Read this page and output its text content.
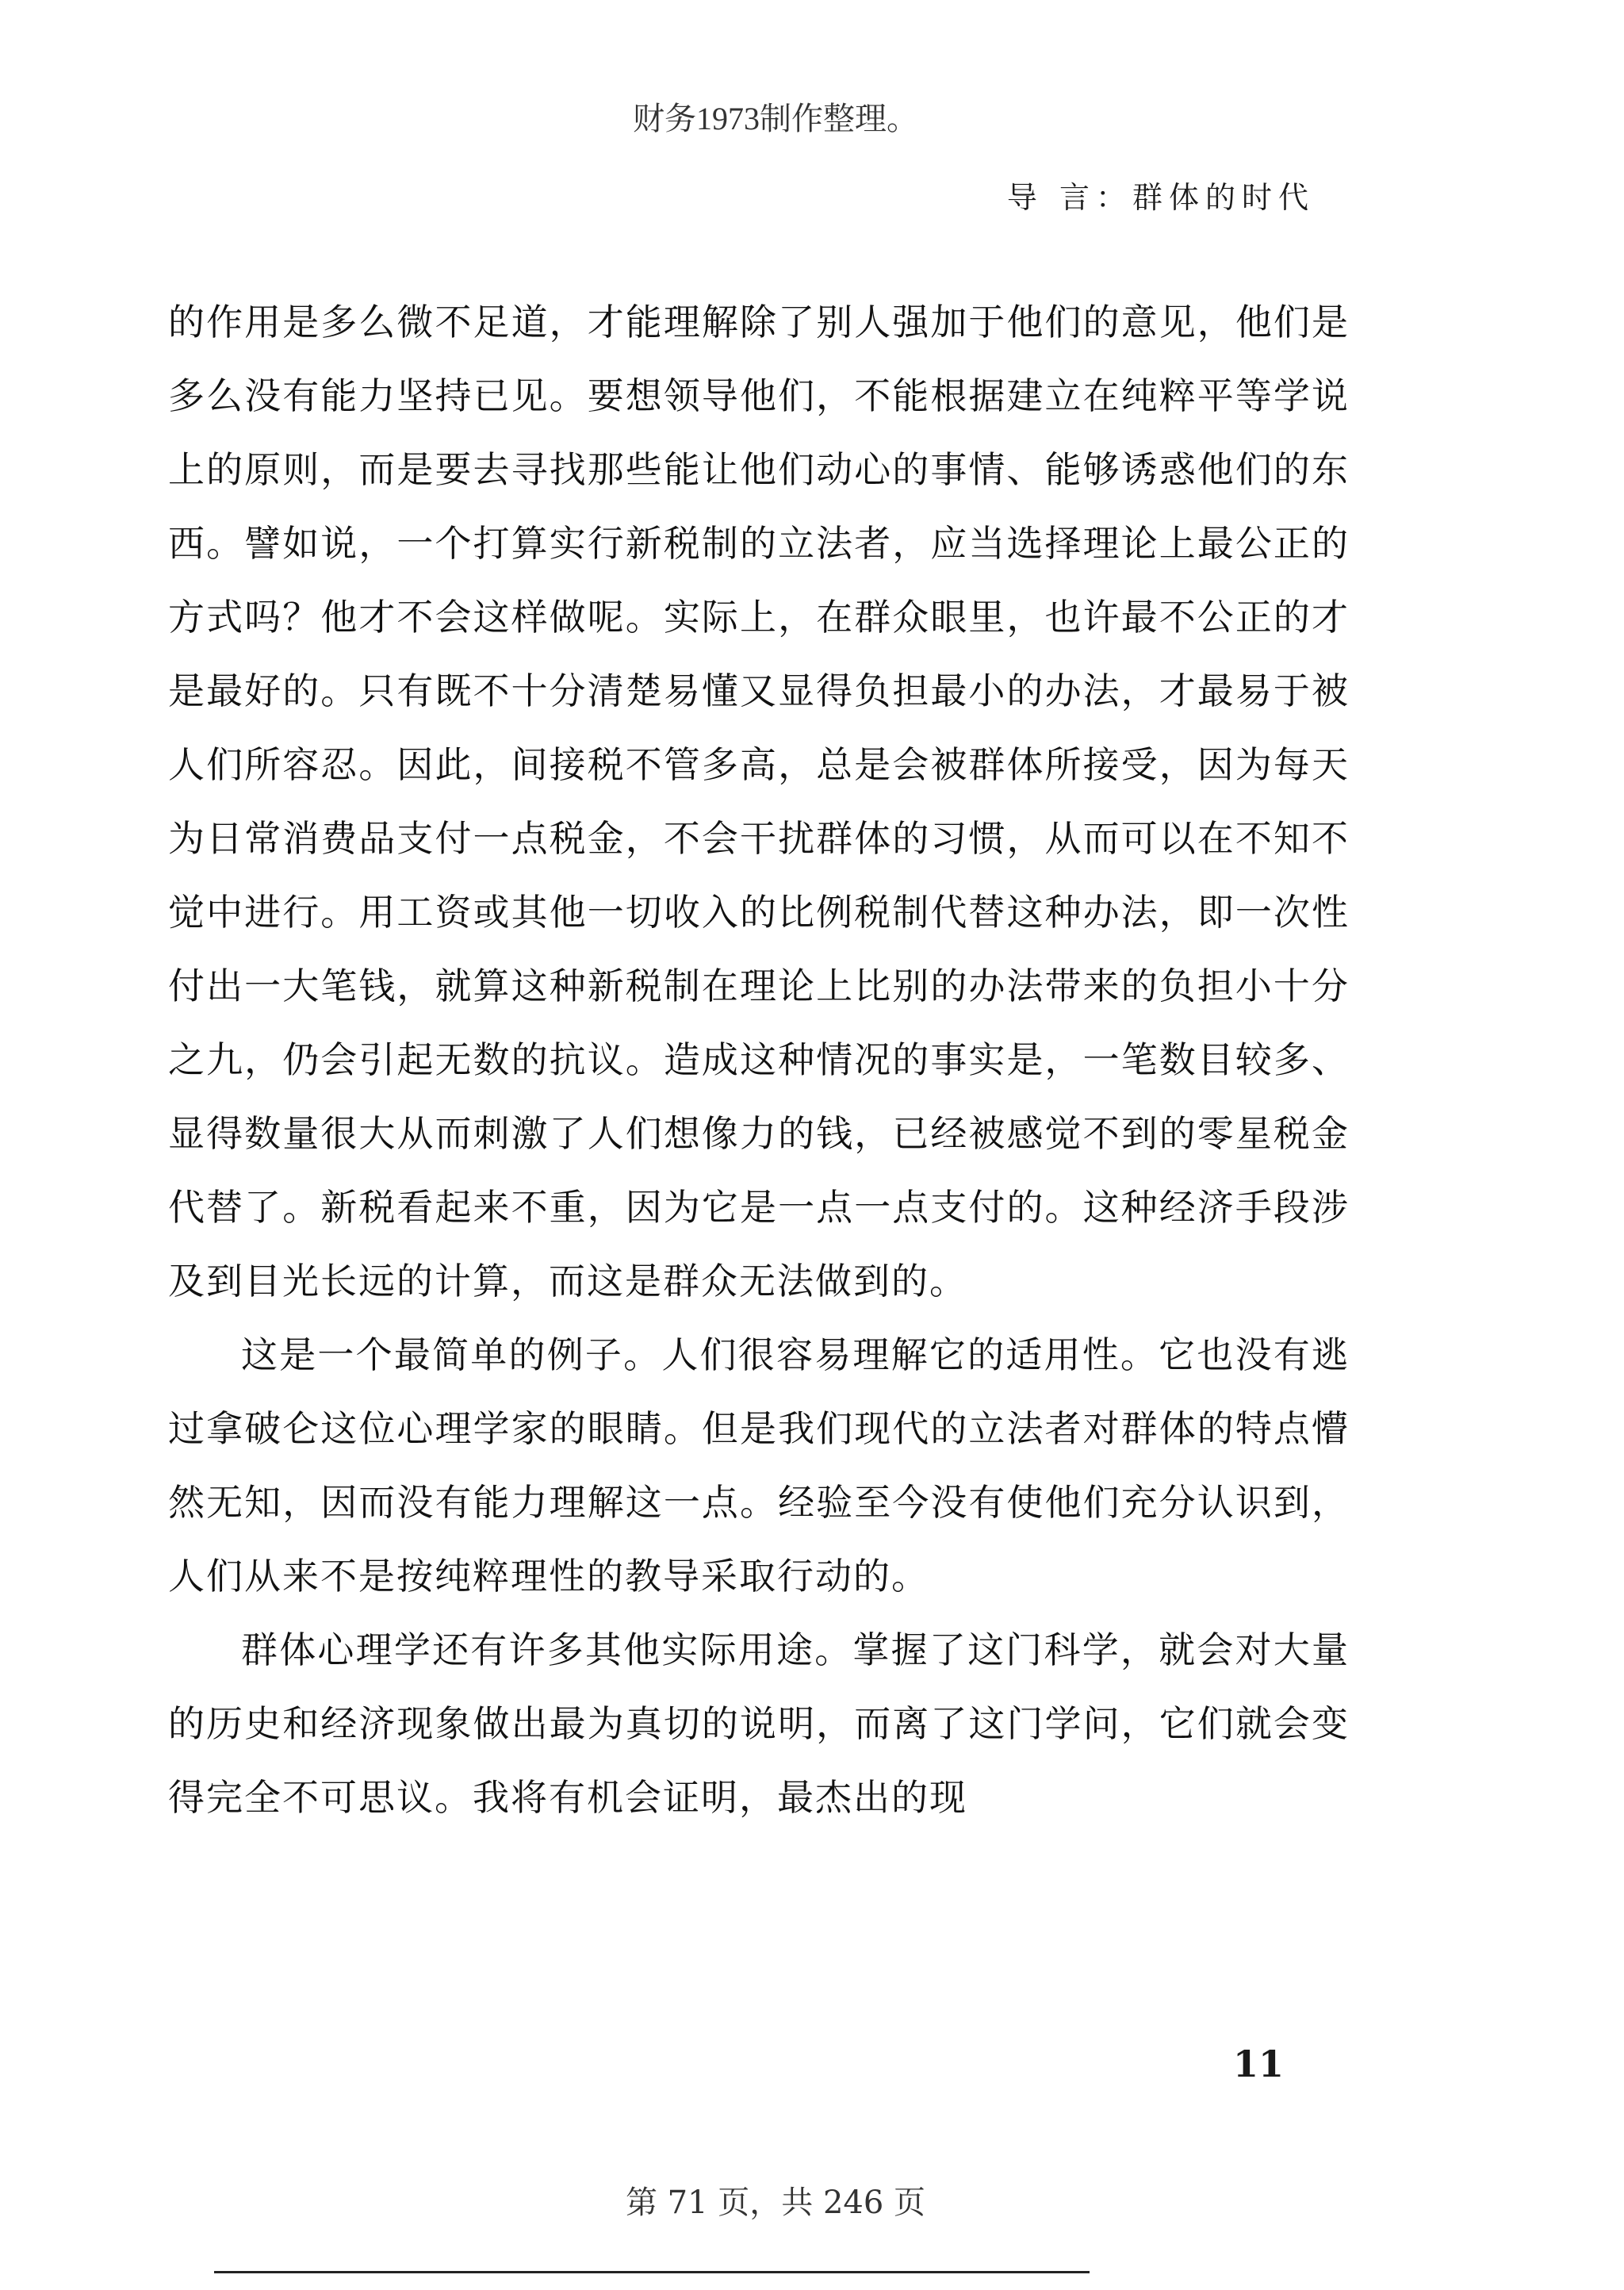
财务1973制作整理。
导 言：群体的时代

的作用是多么微不足道，才能理解除了别人强加于他们的意见，他们是多么没有能力坚持已见。要想领导他们，不能根据建立在纯粹平等学说上的原则，而是要去寻找那些能让他们动心的事情、能够诱惑他们的东西。譬如说，一个打算实行新税制的立法者，应当选择理论上最公正的方式吗？他才不会这样做呢。实际上，在群众眼里，也许最不公正的才是最好的。只有既不十分清楚易懂又显得负担最小的办法，才最易于被人们所容忍。因此，间接税不管多高，总是会被群体所接受，因为每天为日常消费品支付一点税金，不会干扰群体的习惯，从而可以在不知不觉中进行。用工资或其他一切收入的比例税制代替这种办法，即一次性付出一大笔钱，就算这种新税制在理论上比别的办法带来的负担小十分之九，仍会引起无数的抗议。造成这种情况的事实是，一笔数目较多、显得数量很大从而刺激了人们想像力的钱，已经被感觉不到的零星税金代替了。新税看起来不重，因为它是一点一点支付的。这种经济手段涉及到目光长远的计算，而这是群众无法做到的。

这是一个最简单的例子。人们很容易理解它的适用性。它也没有逃过拿破仑这位心理学家的眼睛。但是我们现代的立法者对群体的特点懵然无知，因而没有能力理解这一点。经验至今没有使他们充分认识到，人们从来不是按纯粹理性的教导采取行动的。

群体心理学还有许多其他实际用途。掌握了这门科学，就会对大量的历史和经济现象做出最为真切的说明，而离了这门学问，它们就会变得完全不可思议。我将有机会证明，最杰出的现

11
第 71 页，共 246 页
